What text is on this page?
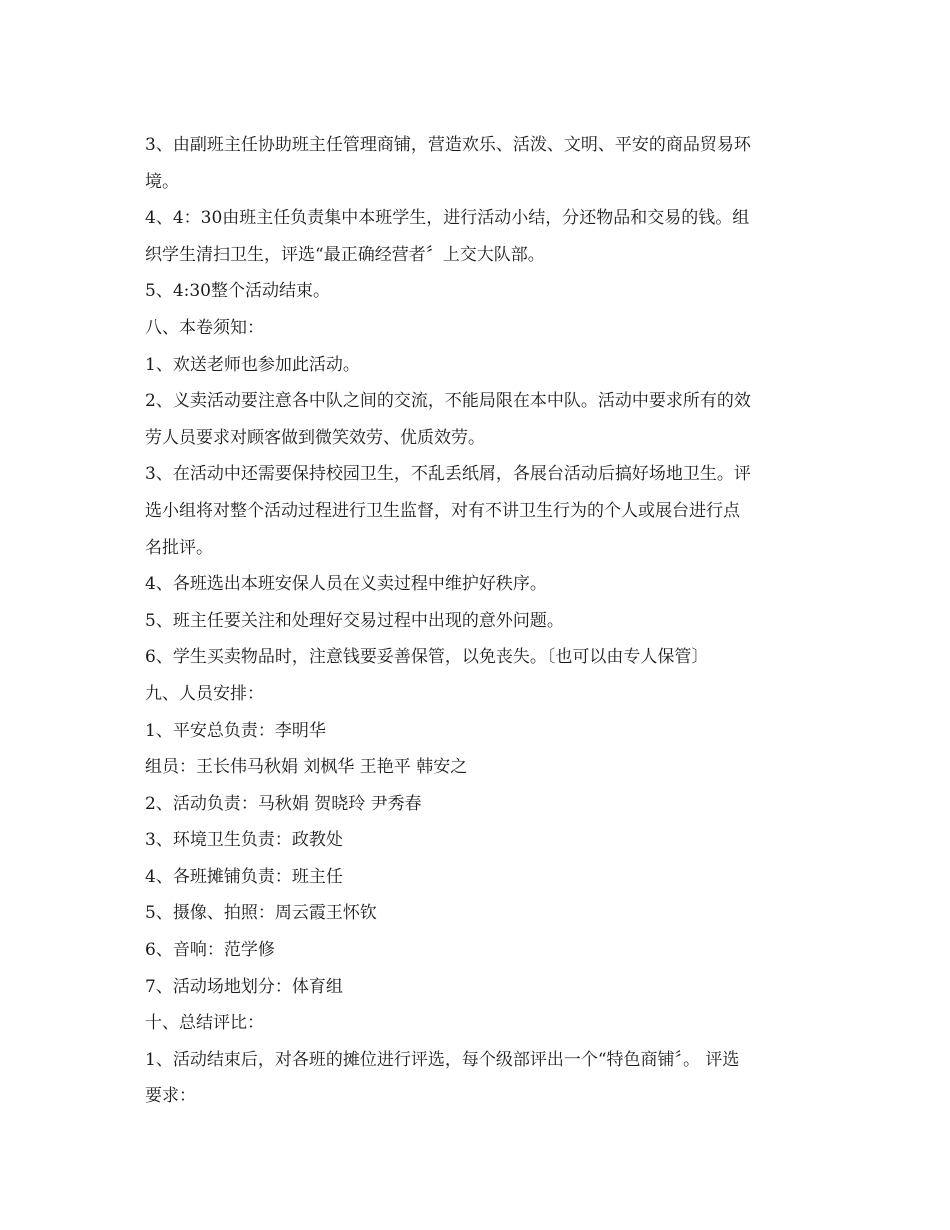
3、由副班主任协助班主任管理商铺，营造欢乐、活泼、文明、平安的商品贸易环
境。
4、4：30由班主任负责集中本班学生，进行活动小结，分还物品和交易的钱。组
织学生清扫卫生，评选“最正确经营者〞上交大队部。
5、4:30整个活动结束。
八、本卷须知：
1、欢送老师也参加此活动。
2、义卖活动要注意各中队之间的交流，不能局限在本中队。活动中要求所有的效
劳人员要求对顾客做到微笑效劳、优质效劳。
3、在活动中还需要保持校园卫生，不乱丢纸屑，各展台活动后搞好场地卫生。评
选小组将对整个活动过程进行卫生监督，对有不讲卫生行为的个人或展台进行点
名批评。
4、各班选出本班安保人员在义卖过程中维护好秩序。
5、班主任要关注和处理好交易过程中出现的意外问题。
6、学生买卖物品时，注意钱要妥善保管，以免丧失。〔也可以由专人保管〕
九、人员安排：
1、平安总负责：李明华
组员：王长伟马秋娟 刘枫华 王艳平 韩安之
2、活动负责：马秋娟 贺晓玲 尹秀春
3、环境卫生负责：政教处
4、各班摊铺负责：班主任
5、摄像、拍照：周云霞王怀钦
6、音响：范学修
7、活动场地划分：体育组
十、总结评比：
1、活动结束后，对各班的摊位进行评选，每个级部评出一个“特色商铺〞。 评选
要求：
